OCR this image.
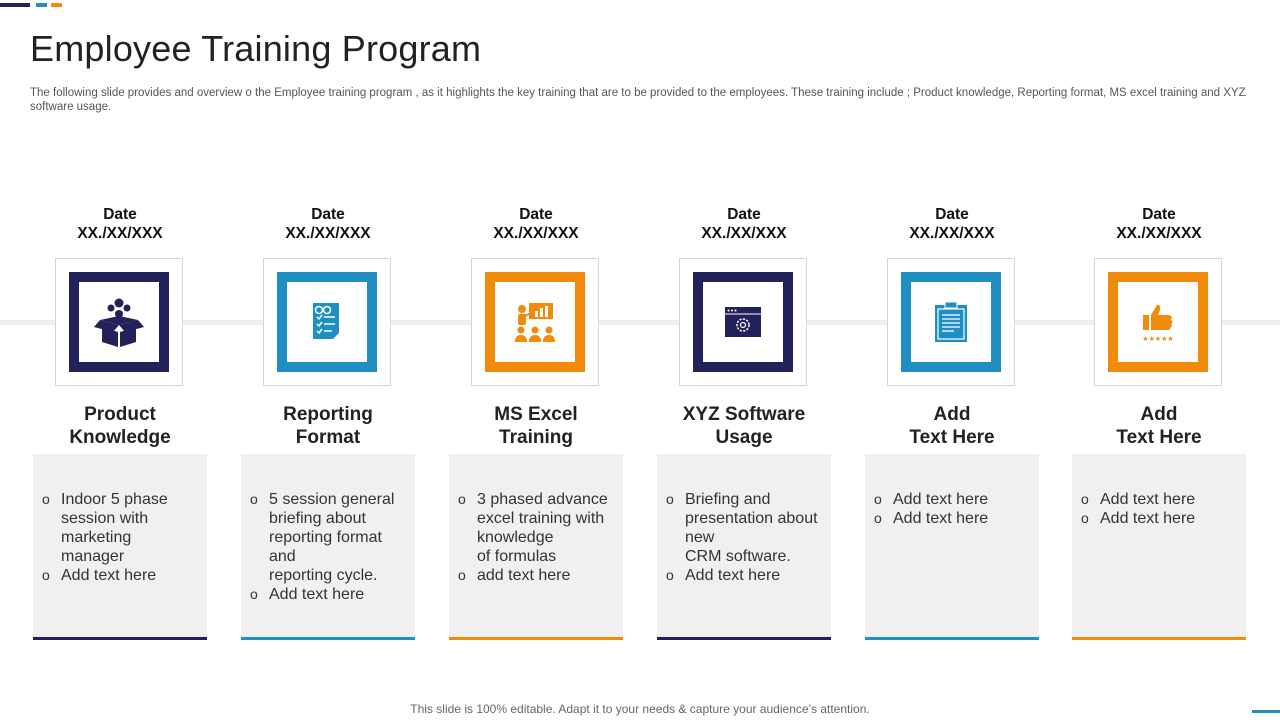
Employee Training Program

The following slide provides and overview o the Employee training program , as it highlights the key training that are to be provided to the employees. These training include ; Product knowledge, Reporting format, MS excel training and XYZ software usage.

Date
XX./XX/XXX
Product
Knowledge
o Indoor 5 phase session with marketing manager
o Add text here
Date
XX./XX/XXX
Reporting
Format
o 5 session general briefing about reporting format and
reporting cycle.
o Add text here
Date
XX./XX/XXX
MS Excel
Training
o 3 phased advance excel training with knowledge
of formulas
o add text here
Date
XX./XX/XXX
XYZ Software
Usage
o Briefing and presentation about new
CRM software.
o Add text here
Date
XX./XX/XXX
Add
Text Here
o Add text here
o Add text here
Date
XX./XX/XXX
★★★★★
Add
Text Here
o Add text here
o Add text here
This slide is 100% editable. Adapt it to your needs & capture your audience’s attention.
